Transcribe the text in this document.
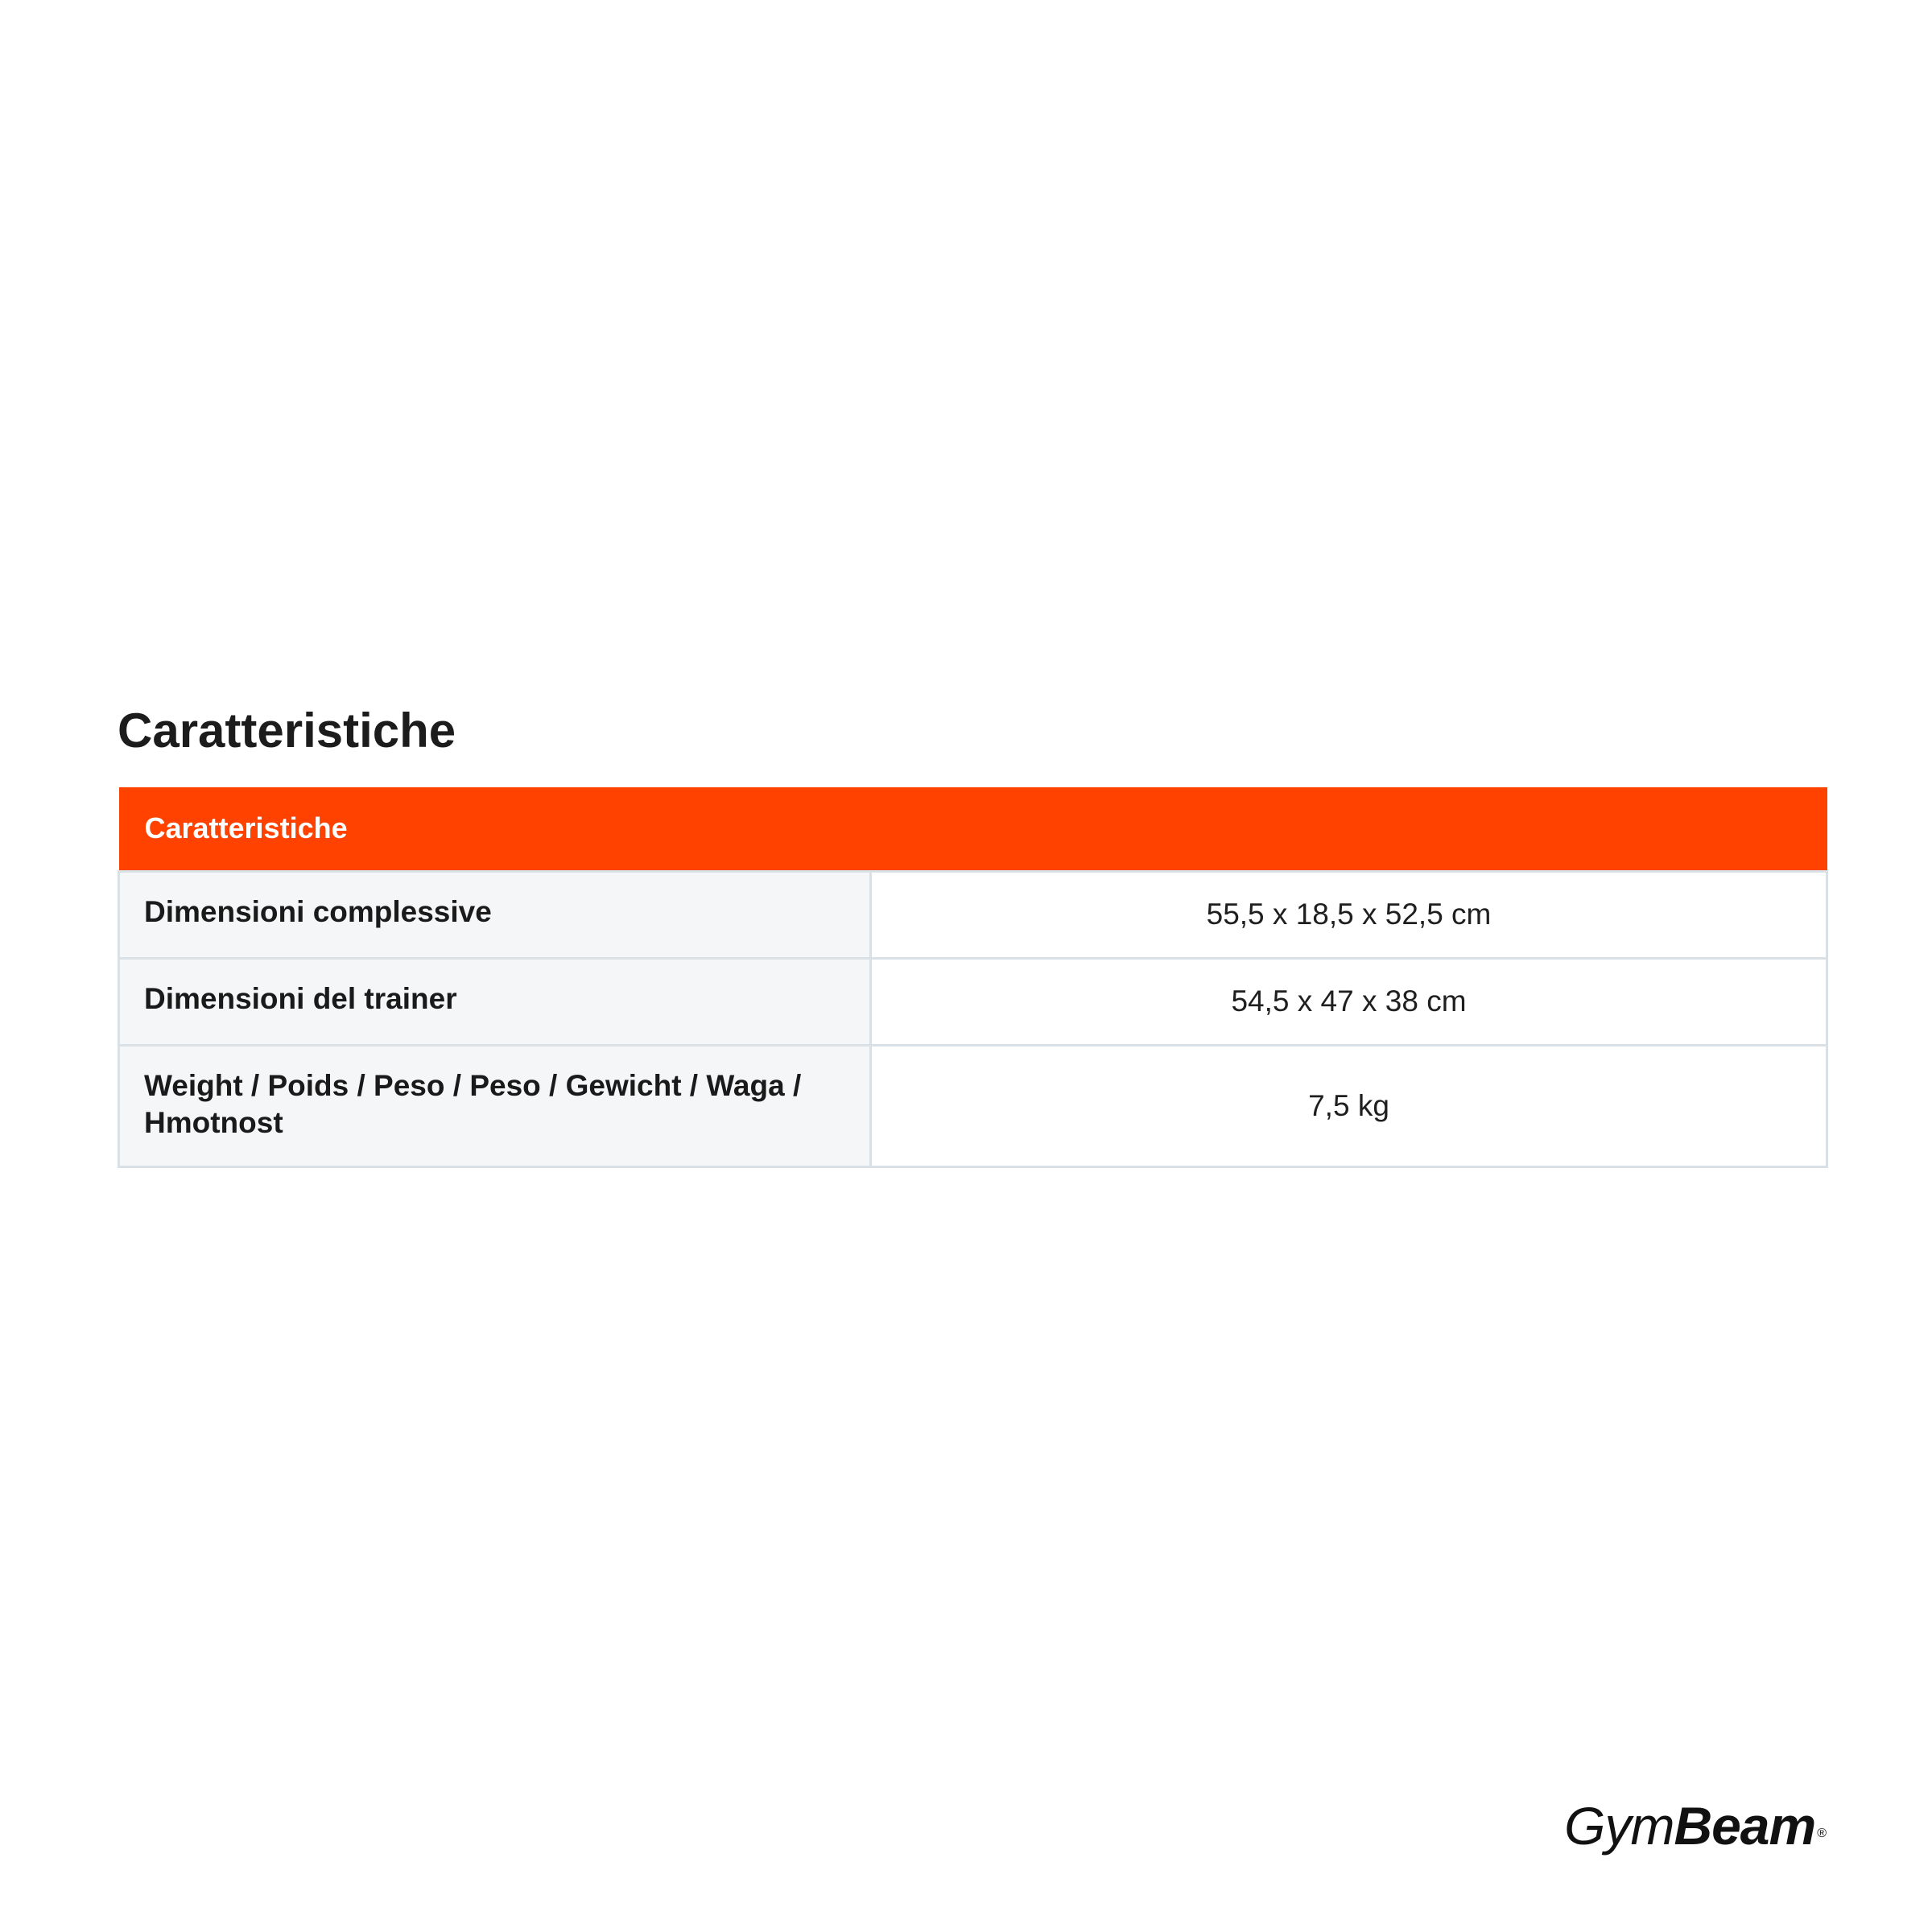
Caratteristiche
Caratteristiche	
Dimensioni complessive	55,5 x 18,5 x 52,5 cm
Dimensioni del trainer	54,5 x 47 x 38 cm
Weight / Poids / Peso / Peso / Gewicht / Waga / Hmotnost	7,5 kg
GymBeam ®
